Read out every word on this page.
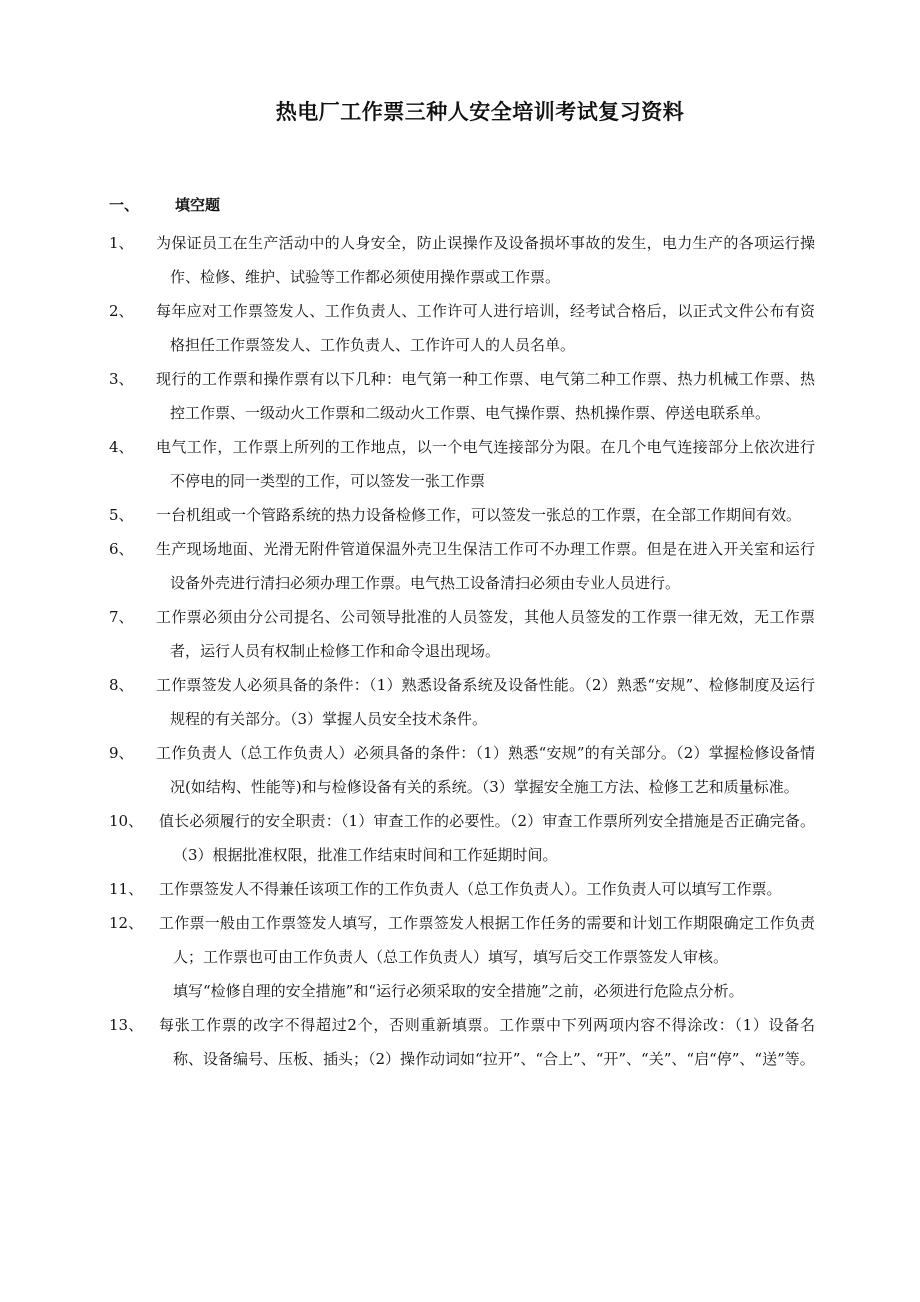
热电厂工作票三种人安全培训考试复习资料
一、 填空题
1、 为保证员工在生产活动中的人身安全，防止误操作及设备损坏事故的发生，电力生产的各项运行操作、检修、维护、试验等工作都必须使用操作票或工作票。
2、 每年应对工作票签发人、工作负责人、工作许可人进行培训，经考试合格后，以正式文件公布有资格担任工作票签发人、工作负责人、工作许可人的人员名单。
3、 现行的工作票和操作票有以下几种：电气第一种工作票、电气第二种工作票、热力机械工作票、热控工作票、一级动火工作票和二级动火工作票、电气操作票、热机操作票、停送电联系单。
4、 电气工作，工作票上所列的工作地点，以一个电气连接部分为限。在几个电气连接部分上依次进行不停电的同一类型的工作，可以签发一张工作票
5、 一台机组或一个管路系统的热力设备检修工作，可以签发一张总的工作票，在全部工作期间有效。
6、 生产现场地面、光滑无附件管道保温外壳卫生保洁工作可不办理工作票。但是在进入开关室和运行设备外壳进行清扫必须办理工作票。电气热工设备清扫必须由专业人员进行。
7、 工作票必须由分公司提名、公司领导批准的人员签发，其他人员签发的工作票一律无效，无工作票者，运行人员有权制止检修工作和命令退出现场。
8、 工作票签发人必须具备的条件：（1）熟悉设备系统及设备性能。（2）熟悉“安规”、检修制度及运行规程的有关部分。（3）掌握人员安全技术条件。
9、 工作负责人（总工作负责人）必须具备的条件：（1）熟悉“安规”的有关部分。（2）掌握检修设备情况(如结构、性能等)和与检修设备有关的系统。（3）掌握安全施工方法、检修工艺和质量标准。
10、 值长必须履行的安全职责：（1）审查工作的必要性。（2）审查工作票所列安全措施是否正确完备。（3）根据批准权限，批准工作结束时间和工作延期时间。
11、 工作票签发人不得兼任该项工作的工作负责人（总工作负责人）。工作负责人可以填写工作票。
12、 工作票一般由工作票签发人填写，工作票签发人根据工作任务的需要和计划工作期限确定工作负责人；工作票也可由工作负责人（总工作负责人）填写，填写后交工作票签发人审核。
填写“检修自理的安全措施”和“运行必须采取的安全措施”之前，必须进行危险点分析。
13、 每张工作票的改字不得超过2个，否则重新填票。工作票中下列两项内容不得涂改：（1）设备名称、设备编号、压板、插头；（2）操作动词如“拉开”、“合上”、“开”、“关”、“启“停”、“送”等。
